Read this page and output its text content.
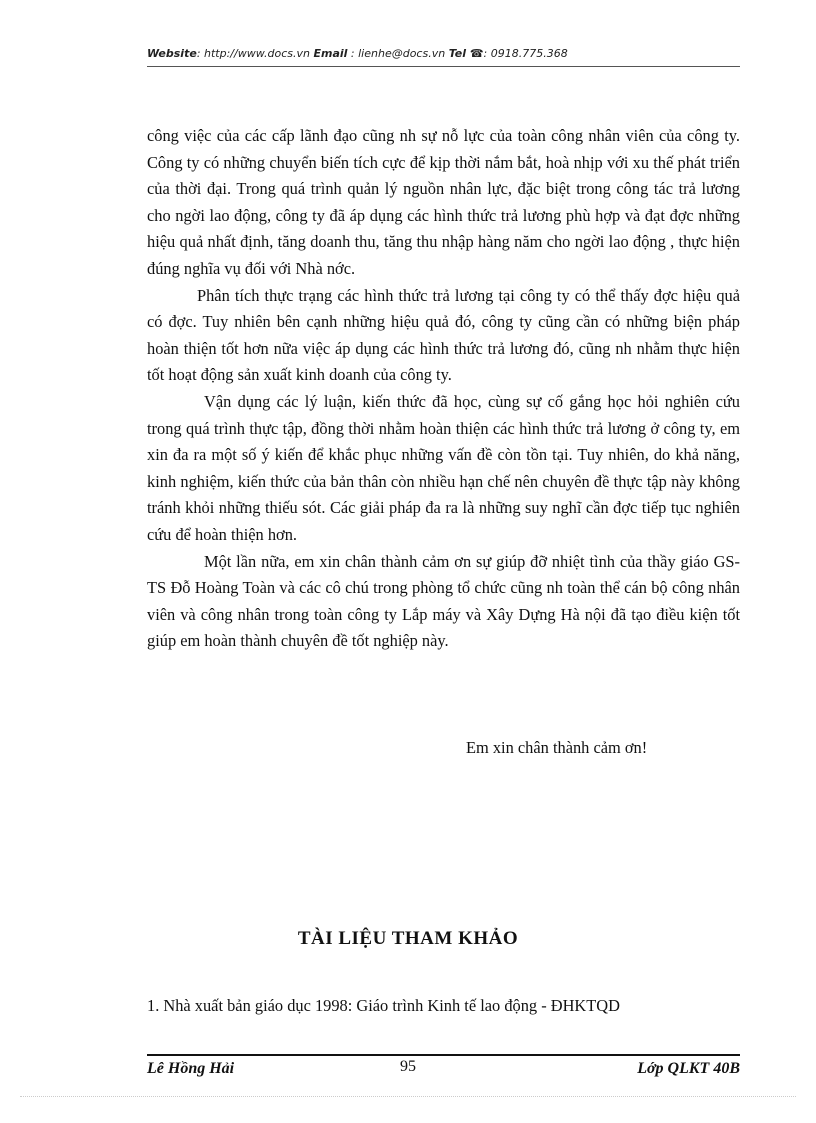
Website: http://www.docs.vn Email : lienhe@docs.vn Tel ☎: 0918.775.368

công việc của các cấp lãnh đạo cũng nh sự nỗ lực của toàn công nhân viên của công ty. Công ty có những chuyển biến tích cực để kịp thời nắm bắt, hoà nhịp với xu thế phát triển của thời đại. Trong quá trình quản lý nguồn nhân lực, đặc biệt trong công tác trả lương cho ngời lao động, công ty đã áp dụng các hình thức trả lương phù hợp và đạt đợc những hiệu quả nhất định, tăng doanh thu, tăng thu nhập hàng năm cho ngời lao động , thực hiện đúng nghĩa vụ đối với Nhà nớc.

Phân tích thực trạng các hình thức trả lương tại công ty có thể thấy đợc hiệu quả có đợc. Tuy nhiên bên cạnh những hiệu quả đó, công ty cũng cần có những biện pháp hoàn thiện tốt hơn nữa việc áp dụng các hình thức trả lương đó, cũng nh nhằm thực hiện tốt hoạt động sản xuất kinh doanh của công ty.

Vận dụng các lý luận, kiến thức đã học, cùng sự cố gắng học hỏi nghiên cứu trong quá trình thực tập, đồng thời nhằm hoàn thiện các hình thức trả lương ở công ty, em xin đa ra một số ý kiến để khắc phục những vấn đề còn tồn tại. Tuy nhiên, do khả năng, kinh nghiệm, kiến thức của bản thân còn nhiều hạn chế nên chuyên đề thực tập này không tránh khỏi những thiếu sót. Các giải pháp đa ra là những suy nghĩ cần đợc tiếp tục nghiên cứu để hoàn thiện hơn.

Một lần nữa, em xin chân thành cảm ơn sự giúp đỡ nhiệt tình của thầy giáo GS- TS Đỗ Hoàng Toàn và các cô chú trong phòng tổ chức cũng nh toàn thể cán bộ công nhân viên và công nhân trong toàn công ty Lắp máy và Xây Dựng Hà nội đã tạo điều kiện tốt giúp em hoàn thành chuyên đề tốt nghiệp này.

Em xin chân thành cảm ơn!
TÀI LIỆU THAM KHẢO
1. Nhà xuất bản giáo dục 1998: Giáo trình Kinh tế lao động - ĐHKTQD
Lê Hồng Hải	95	Lớp QLKT 40B
